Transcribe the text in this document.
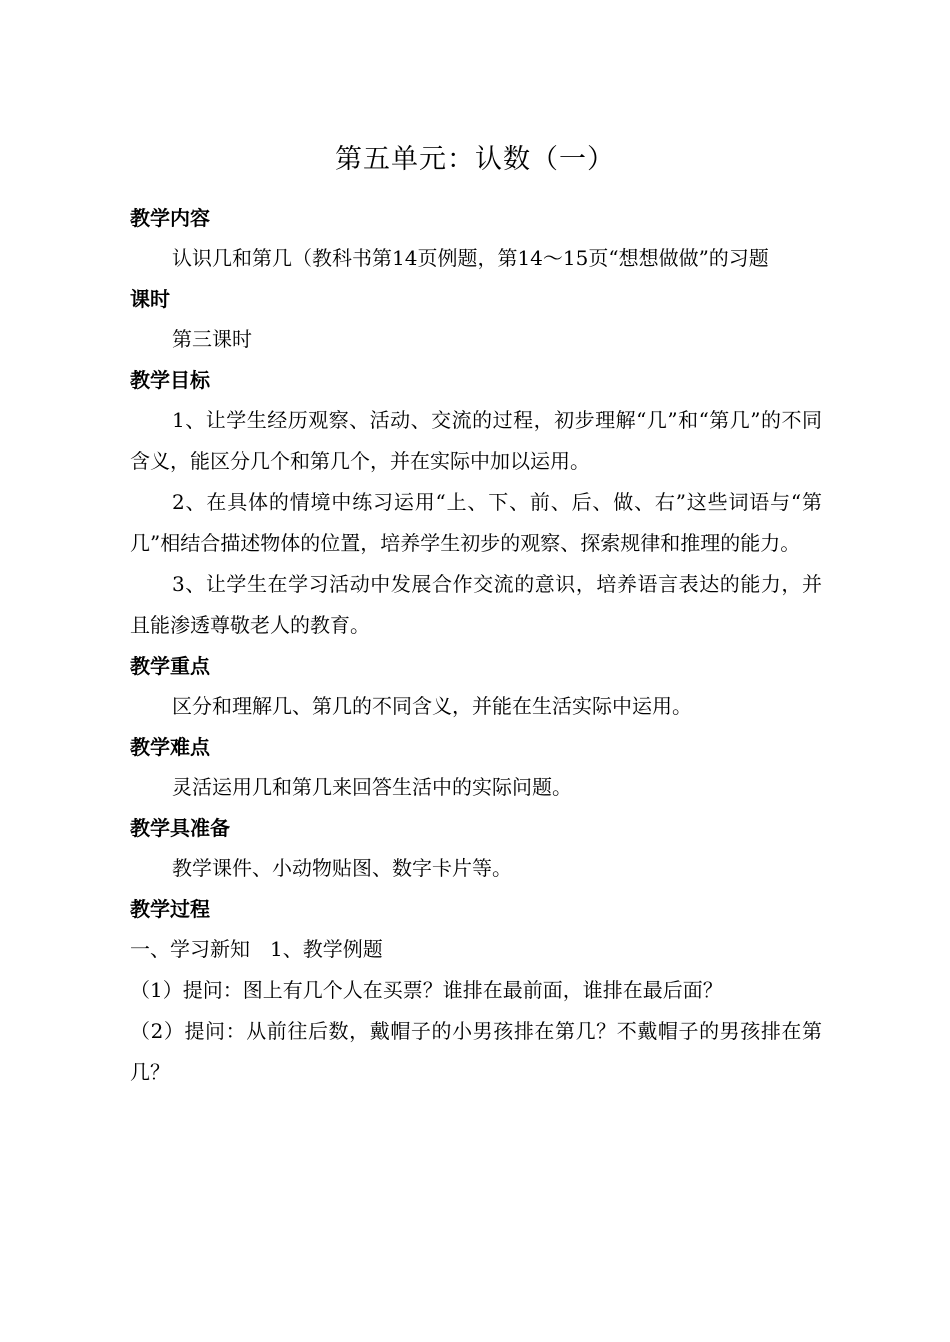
第五单元：认数（一）

教学内容

认识几和第几（教科书第14页例题，第14～15页“想想做做”的习题

课时

第三课时

教学目标

1、让学生经历观察、活动、交流的过程，初步理解“几”和“第几”的不同含义，能区分几个和第几个，并在实际中加以运用。

2、在具体的情境中练习运用“上、下、前、后、做、右”这些词语与“第几”相结合描述物体的位置，培养学生初步的观察、探索规律和推理的能力。

3、让学生在学习活动中发展合作交流的意识，培养语言表达的能力，并且能渗透尊敬老人的教育。

教学重点

区分和理解几、第几的不同含义，并能在生活实际中运用。

教学难点

灵活运用几和第几来回答生活中的实际问题。

教学具准备

教学课件、小动物贴图、数字卡片等。

教学过程

一、学习新知　1、教学例题

（1）提问：图上有几个人在买票？谁排在最前面，谁排在最后面？

（2）提问：从前往后数，戴帽子的小男孩排在第几？不戴帽子的男孩排在第几？
